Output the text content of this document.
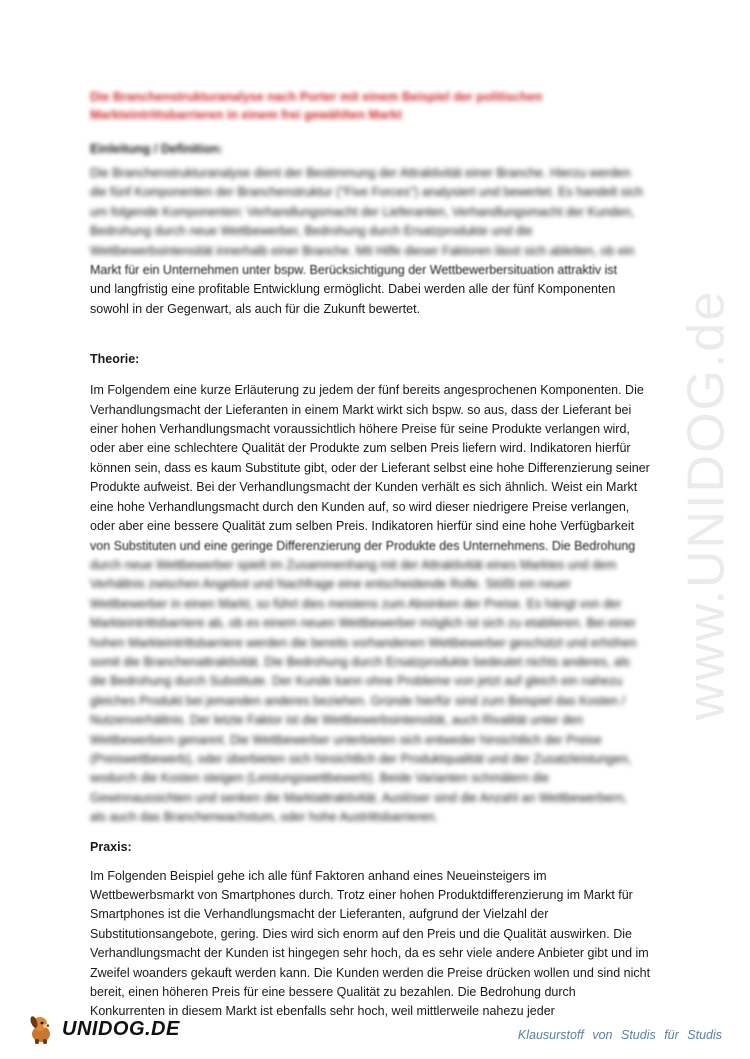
www.UNIDOG.de
Die Branchenstrukturanalyse nach Porter mit einem Beispiel der politischen
Markteintrittsbarrieren in einem frei gewählten Markt
Einleitung / Definition:
Die Branchenstrukturanalyse dient der Bestimmung der Attraktivität einer Branche. Hierzu werden
die fünf Komponenten der Branchenstruktur ("Five Forces") analysiert und bewertet. Es handelt sich
um folgende Komponenten: Verhandlungsmacht der Lieferanten, Verhandlungsmacht der Kunden,
Bedrohung durch neue Wettbewerber, Bedrohung durch Ersatzprodukte und die
Wettbewerbsintensität innerhalb einer Branche. Mit Hilfe dieser Faktoren lässt sich ableiten, ob ein
Markt für ein Unternehmen unter bspw. Berücksichtigung der Wettbewerbersituation attraktiv ist
und langfristig eine profitable Entwicklung ermöglicht. Dabei werden alle der fünf Komponenten
sowohl in der Gegenwart, als auch für die Zukunft bewertet.
Theorie:
Im Folgendem eine kurze Erläuterung zu jedem der fünf bereits angesprochenen Komponenten. Die
Verhandlungsmacht der Lieferanten in einem Markt wirkt sich bspw. so aus, dass der Lieferant bei
einer hohen Verhandlungsmacht voraussichtlich höhere Preise für seine Produkte verlangen wird,
oder aber eine schlechtere Qualität der Produkte zum selben Preis liefern wird. Indikatoren hierfür
können sein, dass es kaum Substitute gibt, oder der Lieferant selbst eine hohe Differenzierung seiner
Produkte aufweist. Bei der Verhandlungsmacht der Kunden verhält es sich ähnlich. Weist ein Markt
eine hohe Verhandlungsmacht durch den Kunden auf, so wird dieser niedrigere Preise verlangen,
oder aber eine bessere Qualität zum selben Preis. Indikatoren hierfür sind eine hohe Verfügbarkeit
von Substituten und eine geringe Differenzierung der Produkte des Unternehmens. Die Bedrohung
durch neue Wettbewerber spielt im Zusammenhang mit der Attraktivität eines Marktes und dem
Verhältnis zwischen Angebot und Nachfrage eine entscheidende Rolle. Stößt ein neuer
Wettbewerber in einen Markt, so führt dies meistens zum Absinken der Preise. Es hängt von der
Markteintrittsbarriere ab, ob es einem neuen Wettbewerber möglich ist sich zu etablieren. Bei einer
hohen Markteintrittsbarriere werden die bereits vorhandenen Wettbewerber geschützt und erhöhen
somit die Branchenattraktivität. Die Bedrohung durch Ersatzprodukte bedeutet nichts anderes, als
die Bedrohung durch Substitute. Der Kunde kann ohne Probleme von jetzt auf gleich ein nahezu
gleiches Produkt bei jemanden anderes beziehen. Gründe hierfür sind zum Beispiel das Kosten /
Nutzenverhältnis. Der letzte Faktor ist die Wettbewerbsintensität, auch Rivalität unter den
Wettbewerbern genannt. Die Wettbewerber unterbieten sich entweder hinsichtlich der Preise
(Preiswettbewerb), oder überbieten sich hinsichtlich der Produktqualität und der Zusatzleistungen,
wodurch die Kosten steigen (Leistungswettbewerb). Beide Varianten schmälern die
Gewinnaussichten und senken die Marktattraktivität. Auslöser sind die Anzahl an Wettbewerbern,
als auch das Branchenwachstum, oder hohe Austrittsbarrieren.
Praxis:
Im Folgenden Beispiel gehe ich alle fünf Faktoren anhand eines Neueinsteigers im
Wettbewerbsmarkt von Smartphones durch. Trotz einer hohen Produktdifferenzierung im Markt für
Smartphones ist die Verhandlungsmacht der Lieferanten, aufgrund der Vielzahl der
Substitutionsangebote, gering. Dies wird sich enorm auf den Preis und die Qualität auswirken. Die
Verhandlungsmacht der Kunden ist hingegen sehr hoch, da es sehr viele andere Anbieter gibt und im
Zweifel woanders gekauft werden kann. Die Kunden werden die Preise drücken wollen und sind nicht
bereit, einen höheren Preis für eine bessere Qualität zu bezahlen. Die Bedrohung durch
Konkurrenten in diesem Markt ist ebenfalls sehr hoch, weil mittlerweile nahezu jeder
UNIDOG.DE	Klausurstoff von Studis für Studis
